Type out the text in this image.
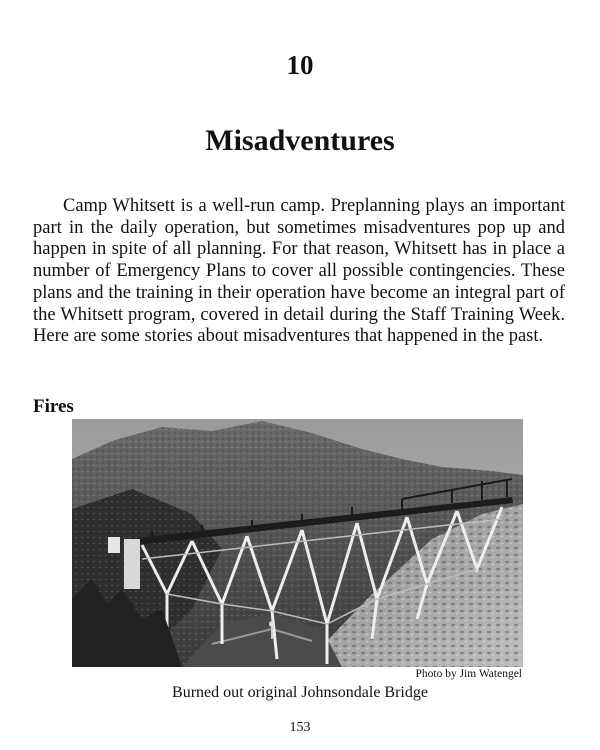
10
Misadventures

Camp Whitsett is a well-run camp. Preplanning plays an important part in the daily operation, but sometimes misadventures pop up and happen in spite of all planning. For that reason, Whitsett has in place a number of Emergency Plans to cover all possible contingencies. These plans and the training in their operation have become an integral part of the Whitsett program, covered in detail during the Staff Training Week. Here are some stories about misadventures that happened in the past.

Fires
Photo by Jim Watengel
Burned out original Johnsondale Bridge
153
